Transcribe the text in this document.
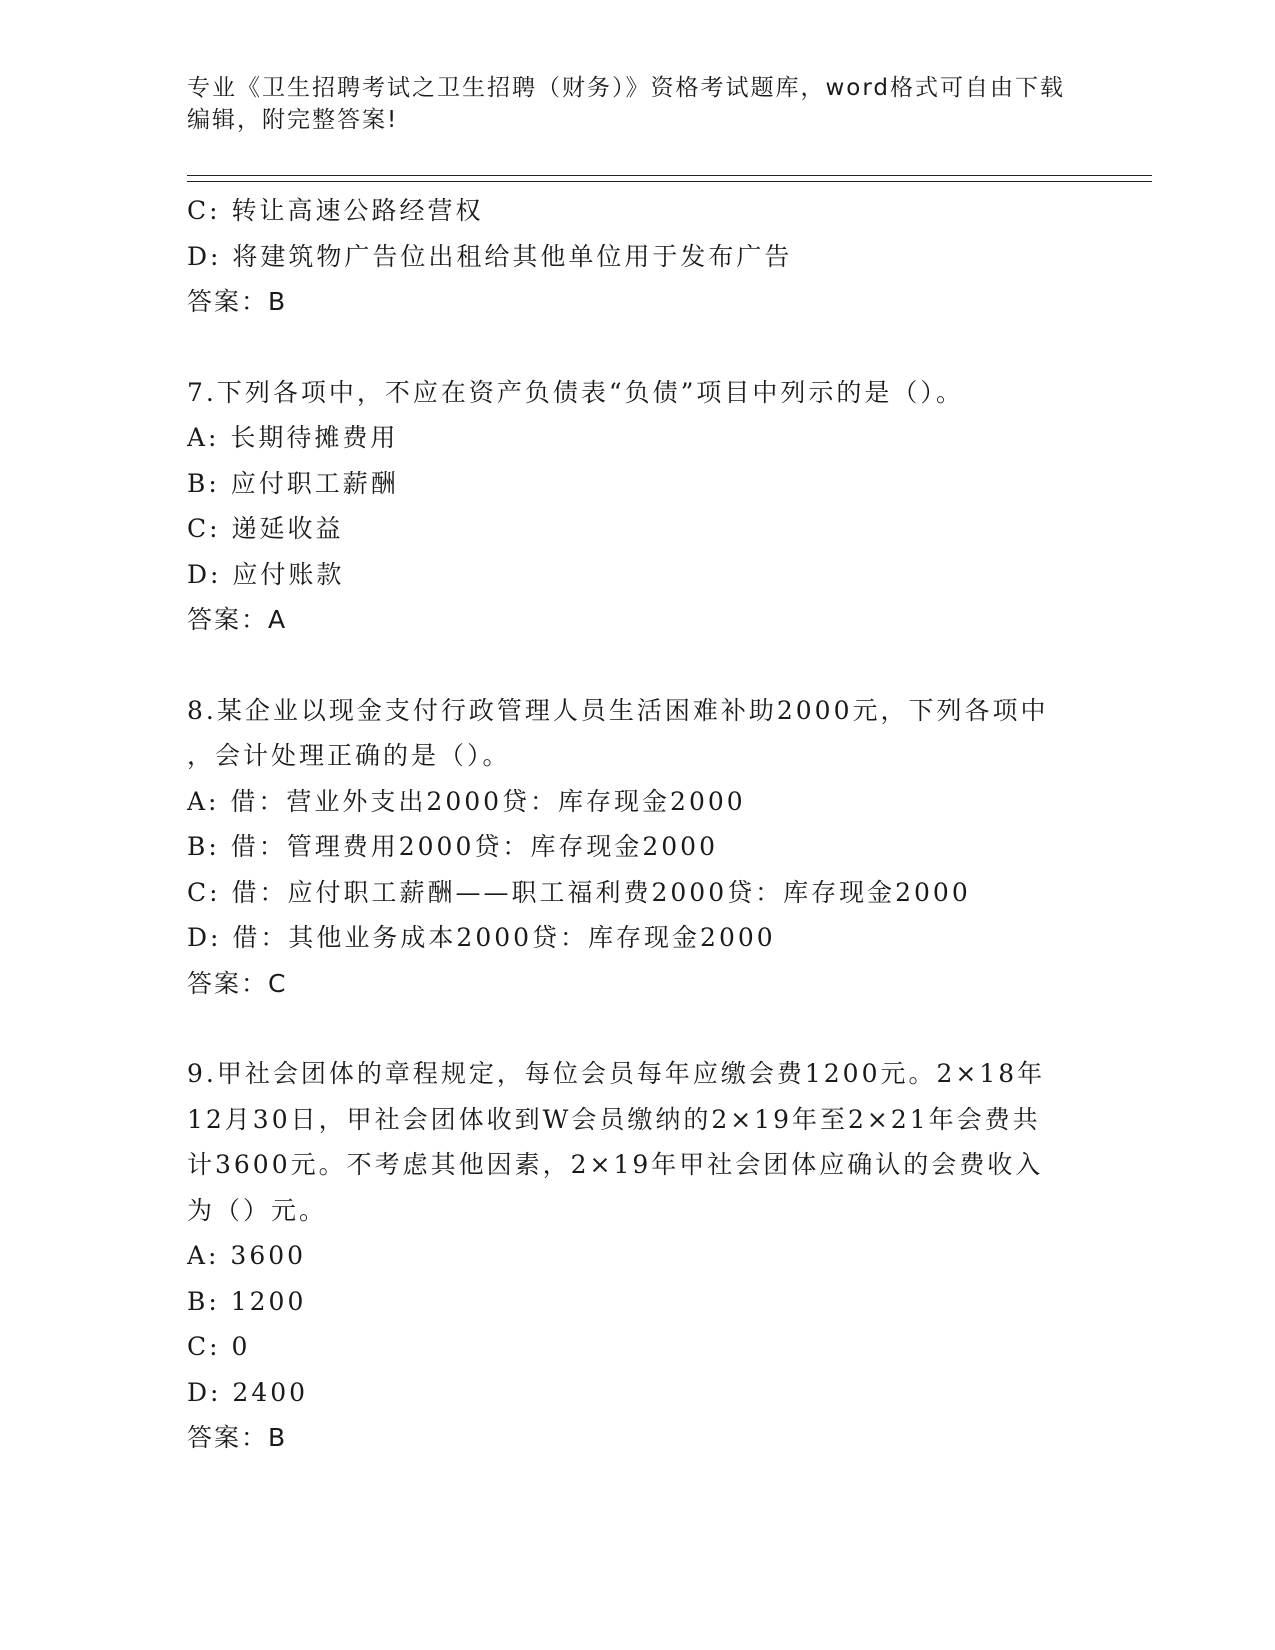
专业《卫生招聘考试之卫生招聘（财务）》资格考试题库，word格式可自由下载
编辑，附完整答案!
C: 转让高速公路经营权
D: 将建筑物广告位出租给其他单位用于发布广告
答案：B
7.下列各项中，不应在资产负债表“负债”项目中列示的是（）。
A: 长期待摊费用
B: 应付职工薪酬
C: 递延收益
D: 应付账款
答案：A
8.某企业以现金支付行政管理人员生活困难补助2000元，下列各项中
，会计处理正确的是（）。
A: 借：营业外支出2000贷：库存现金2000
B: 借：管理费用2000贷：库存现金2000
C: 借：应付职工薪酬——职工福利费2000贷：库存现金2000
D: 借：其他业务成本2000贷：库存现金2000
答案：C
9.甲社会团体的章程规定，每位会员每年应缴会费1200元。2×18年
12月30日，甲社会团体收到W会员缴纳的2×19年至2×21年会费共
计3600元。不考虑其他因素，2×19年甲社会团体应确认的会费收入
为（）元。
A: 3600
B: 1200
C: 0
D: 2400
答案：B
